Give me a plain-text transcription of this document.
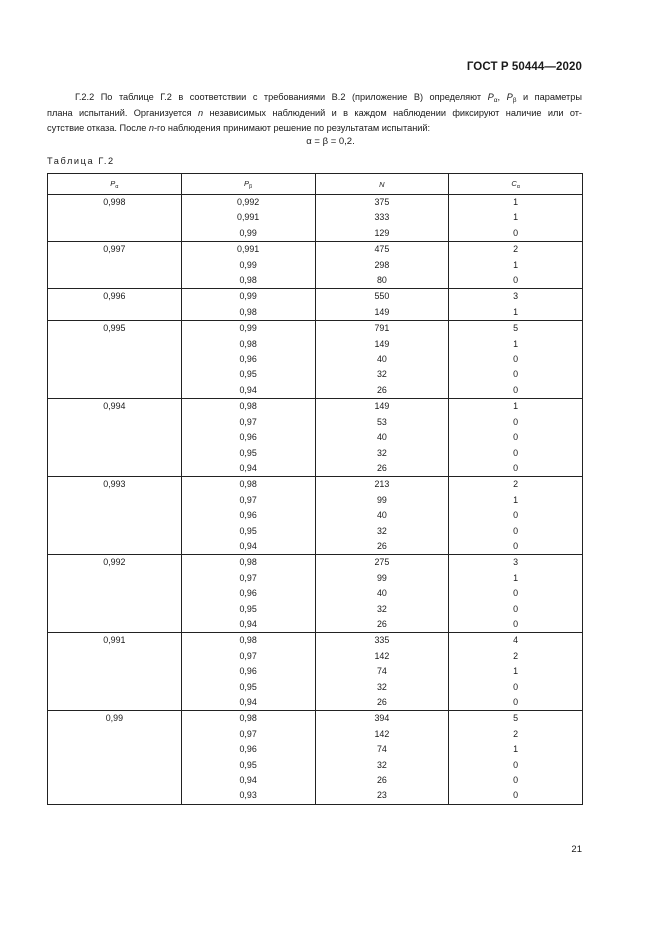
ГОСТ Р 50444—2020
Г.2.2 По таблице Г.2 в соответствии с требованиями В.2 (приложение В) определяют $P_\alpha$, $P_\beta$ и параметры
плана испытаний. Организуется n независимых наблюдений и в каждом наблюдении фиксируют наличие или от-
сутствие отказа. После n-го наблюдения принимают решение по результатам испытаний:
α = β = 0,2.
Таблица Г.2
$P_\alpha$	$P_\beta$	N	$C_\alpha$
0,998	0,992	375	1
	0,991	333	1
	0,99	129	0
0,997	0,991	475	2
	0,99	298	1
	0,98	80	0
0,996	0,99	550	3
	0,98	149	1
0,995	0,99	791	5
	0,98	149	1
	0,96	40	0
	0,95	32	0
	0,94	26	0
0,994	0,98	149	1
	0,97	53	0
	0,96	40	0
	0,95	32	0
	0,94	26	0
0,993	0,98	213	2
	0,97	99	1
	0,96	40	0
	0,95	32	0
	0,94	26	0
0,992	0,98	275	3
	0,97	99	1
	0,96	40	0
	0,95	32	0
	0,94	26	0
0,991	0,98	335	4
	0,97	142	2
	0,96	74	1
	0,95	32	0
	0,94	26	0
0,99	0,98	394	5
	0,97	142	2
	0,96	74	1
	0,95	32	0
	0,94	26	0
	0,93	23	0
21
